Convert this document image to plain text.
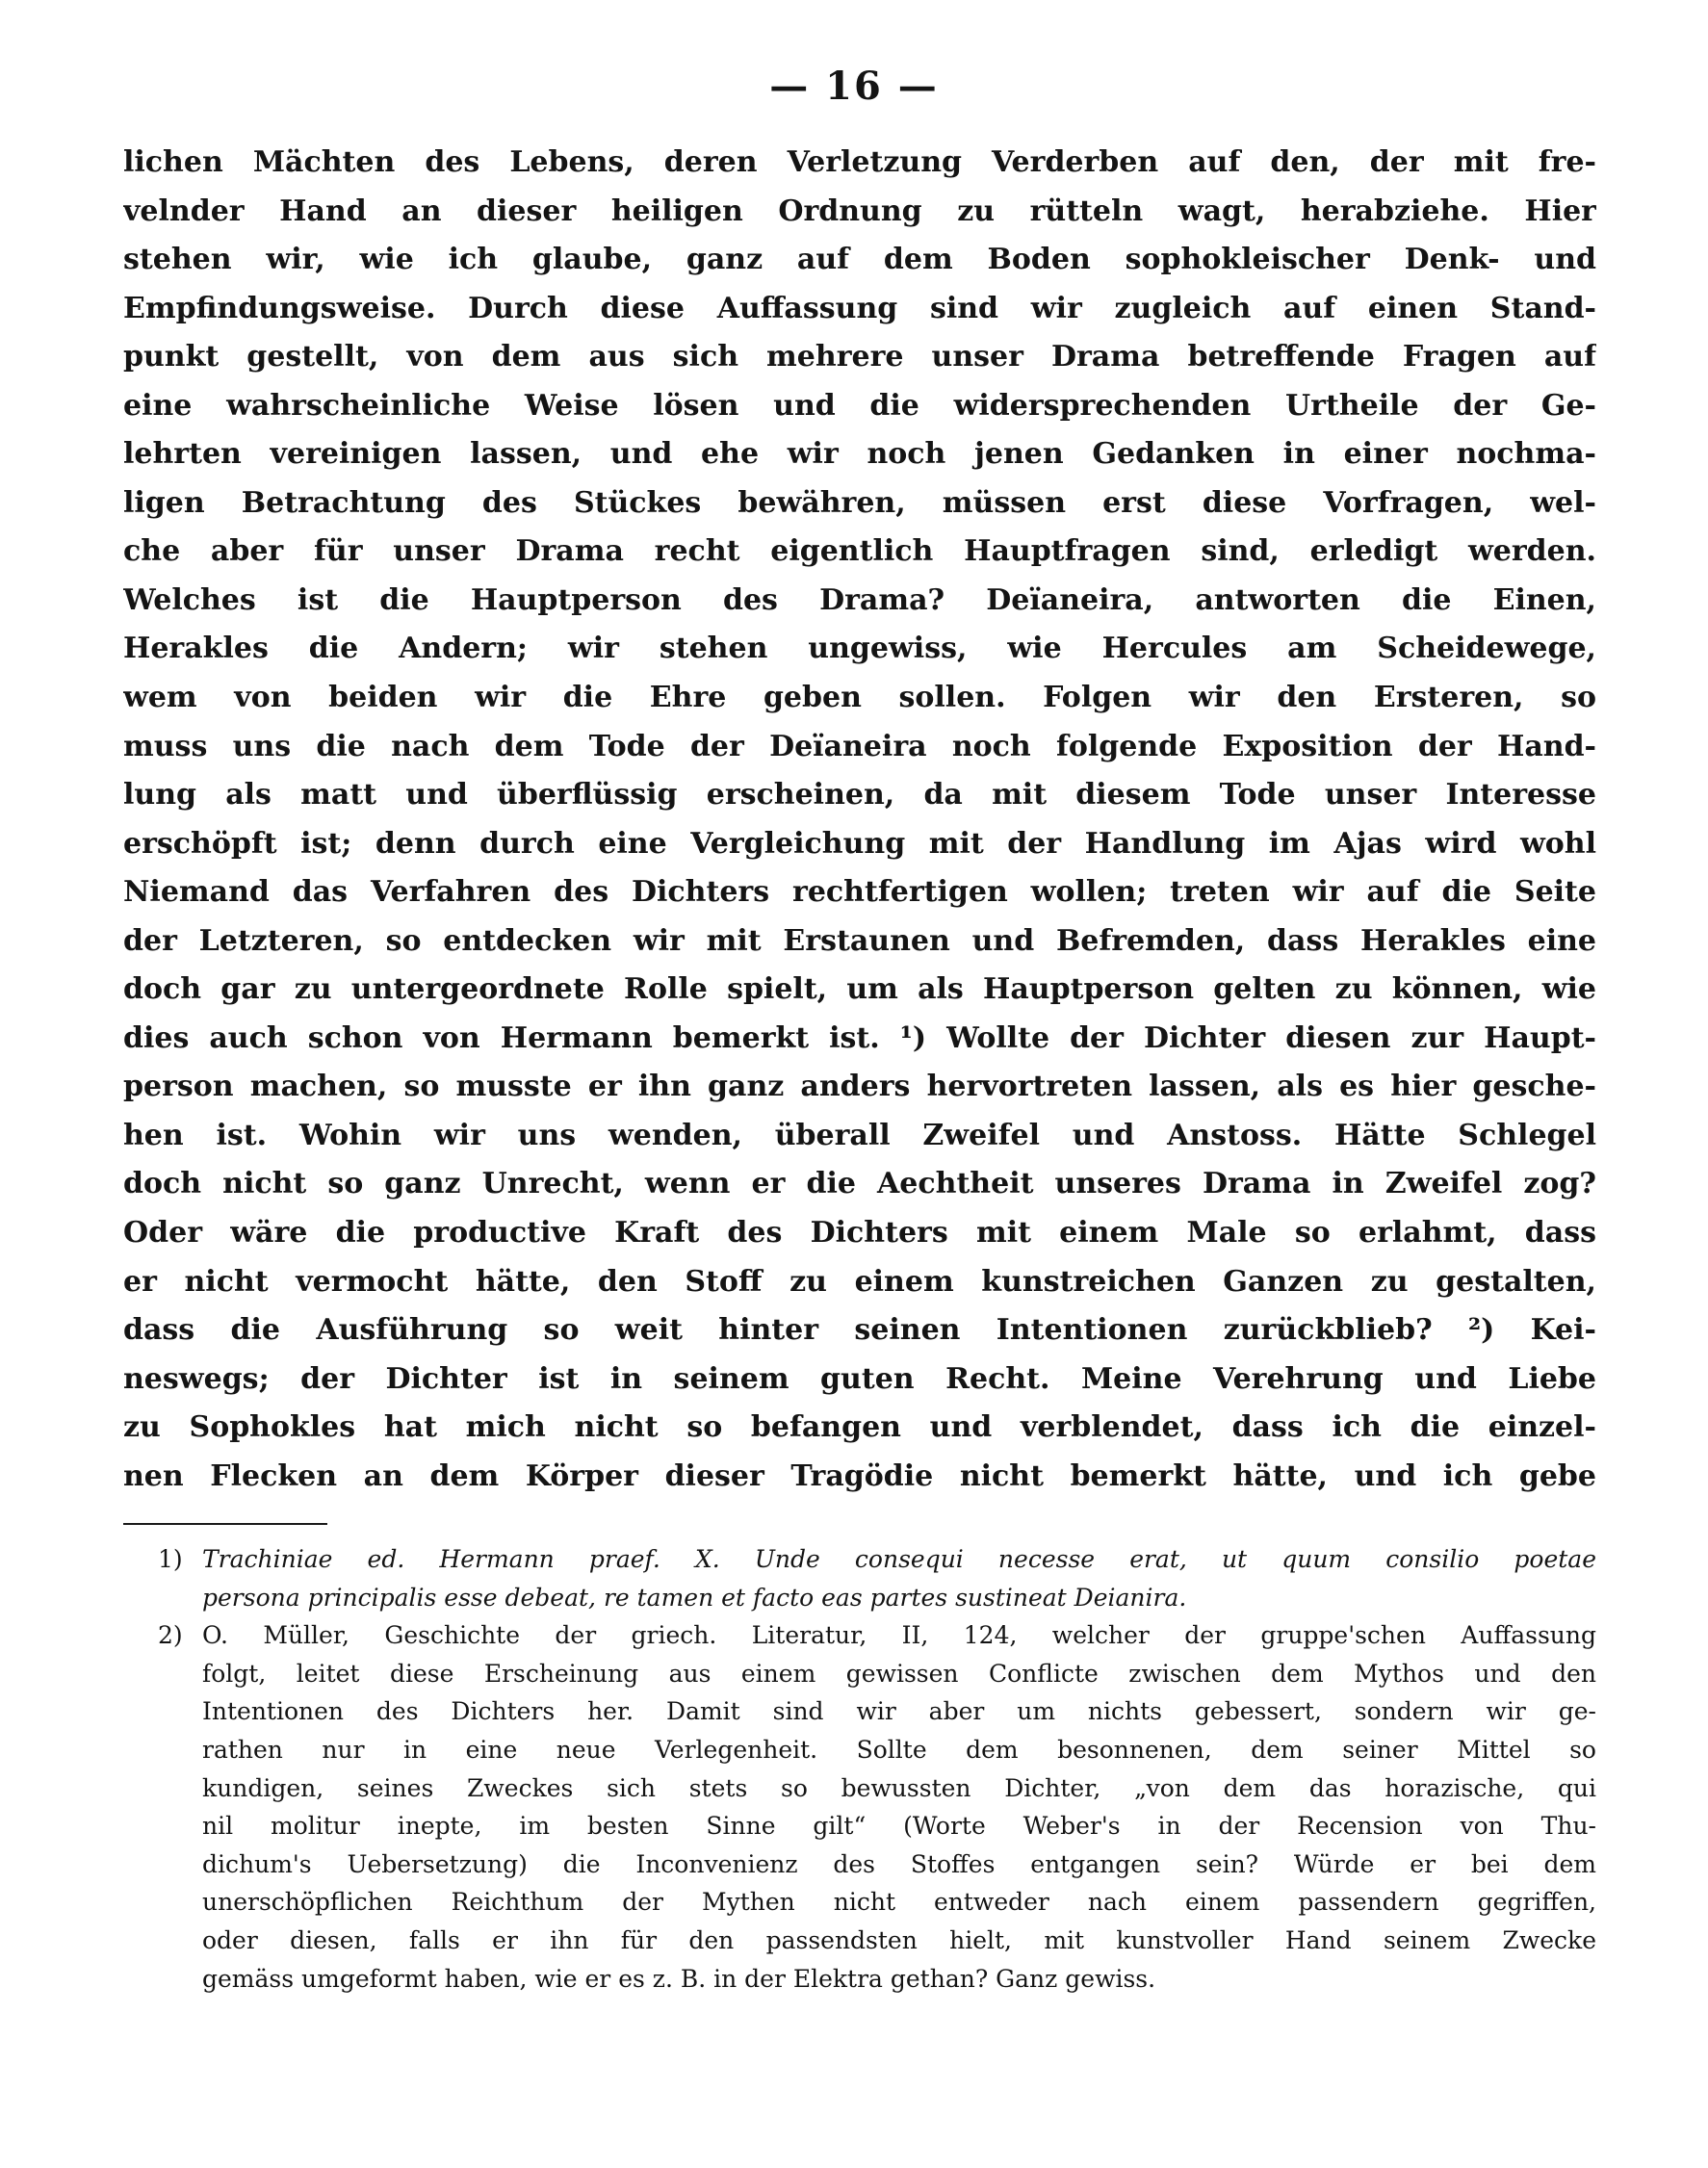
— 16 —
lichen Mächten des Lebens, deren Verletzung Verderben auf den, der mit fre-
velnder Hand an dieser heiligen Ordnung zu rütteln wagt, herabziehe. Hier
stehen wir, wie ich glaube, ganz auf dem Boden sophokleischer Denk- und
Empfindungsweise. Durch diese Auffassung sind wir zugleich auf einen Stand-
punkt gestellt, von dem aus sich mehrere unser Drama betreffende Fragen auf
eine wahrscheinliche Weise lösen und die widersprechenden Urtheile der Ge-
lehrten vereinigen lassen, und ehe wir noch jenen Gedanken in einer nochma-
ligen Betrachtung des Stückes bewähren, müssen erst diese Vorfragen, wel-
che aber für unser Drama recht eigentlich Hauptfragen sind, erledigt werden.
Welches ist die Hauptperson des Drama? Deïaneira, antworten die Einen,
Herakles die Andern; wir stehen ungewiss, wie Hercules am Scheidewege,
wem von beiden wir die Ehre geben sollen. Folgen wir den Ersteren, so
muss uns die nach dem Tode der Deïaneira noch folgende Exposition der Hand-
lung als matt und überflüssig erscheinen, da mit diesem Tode unser Interesse
erschöpft ist; denn durch eine Vergleichung mit der Handlung im Ajas wird wohl
Niemand das Verfahren des Dichters rechtfertigen wollen; treten wir auf die Seite
der Letzteren, so entdecken wir mit Erstaunen und Befremden, dass Herakles eine
doch gar zu untergeordnete Rolle spielt, um als Hauptperson gelten zu können, wie
dies auch schon von Hermann bemerkt ist. ¹) Wollte der Dichter diesen zur Haupt-
person machen, so musste er ihn ganz anders hervortreten lassen, als es hier gesche-
hen ist. Wohin wir uns wenden, überall Zweifel und Anstoss. Hätte Schlegel
doch nicht so ganz Unrecht, wenn er die Aechtheit unseres Drama in Zweifel zog?
Oder wäre die productive Kraft des Dichters mit einem Male so erlahmt, dass
er nicht vermocht hätte, den Stoff zu einem kunstreichen Ganzen zu gestalten,
dass die Ausführung so weit hinter seinen Intentionen zurückblieb? ²) Kei-
neswegs; der Dichter ist in seinem guten Recht. Meine Verehrung und Liebe
zu Sophokles hat mich nicht so befangen und verblendet, dass ich die einzel-
nen Flecken an dem Körper dieser Tragödie nicht bemerkt hätte, und ich gebe
1) Trachiniae ed. Hermann praef. X. Unde consequi necesse erat, ut quum consilio poetae
persona principalis esse debeat, re tamen et facto eas partes sustineat Deianira.
2) O. Müller, Geschichte der griech. Literatur, II, 124, welcher der gruppe'schen Auffassung
folgt, leitet diese Erscheinung aus einem gewissen Conflicte zwischen dem Mythos und den
Intentionen des Dichters her. Damit sind wir aber um nichts gebessert, sondern wir ge-
rathen nur in eine neue Verlegenheit. Sollte dem besonnenen, dem seiner Mittel so
kundigen, seines Zweckes sich stets so bewussten Dichter, „von dem das horazische, qui
nil molitur inepte, im besten Sinne gilt“ (Worte Weber's in der Recension von Thu-
dichum's Uebersetzung) die Inconvenienz des Stoffes entgangen sein? Würde er bei dem
unerschöpflichen Reichthum der Mythen nicht entweder nach einem passendern gegriffen,
oder diesen, falls er ihn für den passendsten hielt, mit kunstvoller Hand seinem Zwecke
gemäss umgeformt haben, wie er es z. B. in der Elektra gethan? Ganz gewiss.
